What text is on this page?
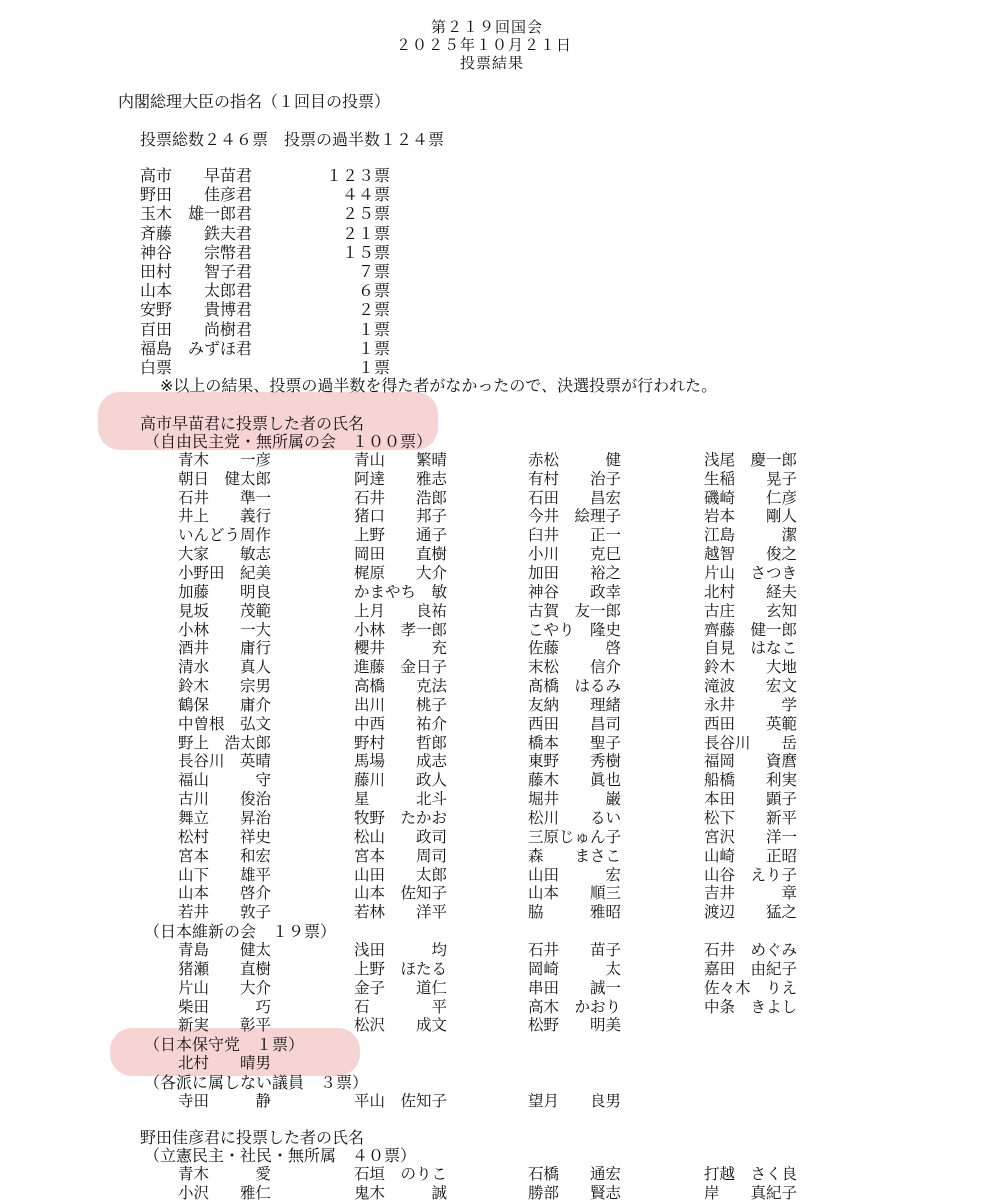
第２１９回国会
２０２５年１０月２１日
投票結果
内閣総理大臣の指名（１回目の投票）
投票総数２４６票　投票の過半数１２４票
高市　　早苗君	１２３票
野田　　佳彦君	４４票
玉木　雄一郎君	２５票
斉藤　　鉄夫君	２１票
神谷　　宗幣君	１５票
田村　　智子君	７票
山本　　太郎君	６票
安野　　貴博君	２票
百田　　尚樹君	１票
福島　みずほ君	１票
白票	１票
※以上の結果、投票の過半数を得た者がなかったので、決選投票が行われた。
高市早苗君に投票した者の氏名
（自由民主党・無所属の会　１００票）
青木　　一彦	青山　　繁晴	赤松　　　健	浅尾　慶一郎
朝日　健太郎	阿達　　雅志	有村　　治子	生稲　　晃子
石井　　準一	石井　　浩郎	石田　　昌宏	磯崎　　仁彦
井上　　義行	猪口　　邦子	今井　絵理子	岩本　　剛人
いんどう周作	上野　　通子	臼井　　正一	江島　　　潔
大家　　敏志	岡田　　直樹	小川　　克巳	越智　　俊之
小野田　紀美	梶原　　大介	加田　　裕之	片山　さつき
加藤　　明良	かまやち　敏	神谷　　政幸	北村　　経夫
見坂　　茂範	上月　　良祐	古賀　友一郎	古庄　　玄知
小林　　一大	小林　孝一郎	こやり　隆史	齊藤　健一郎
酒井　　庸行	櫻井　　　充	佐藤　　　啓	自見　はなこ
清水　　真人	進藤　金日子	末松　　信介	鈴木　　大地
鈴木　　宗男	高橋　　克法	髙橋　はるみ	滝波　　宏文
鶴保　　庸介	出川　　桃子	友納　　理緒	永井　　　学
中曽根　弘文	中西　　祐介	西田　　昌司	西田　　英範
野上　浩太郎	野村　　哲郎	橋本　　聖子	長谷川　　岳
長谷川　英晴	馬場　　成志	東野　　秀樹	福岡　　資麿
福山　　　守	藤川　　政人	藤木　　眞也	船橋　　利実
古川　　俊治	星　　　北斗	堀井　　　巌	本田　　顕子
舞立　　昇治	牧野　たかお	松川　　るい	松下　　新平
松村　　祥史	松山　　政司	三原じゅん子	宮沢　　洋一
宮本　　和宏	宮本　　周司	森　　まさこ	山崎　　正昭
山下　　雄平	山田　　太郎	山田　　　宏	山谷　えり子
山本　　啓介	山本　佐知子	山本　　順三	吉井　　　章
若井　　敦子	若林　　洋平	脇　　　雅昭	渡辺　　猛之
（日本維新の会　１９票）
青島　　健太	浅田　　　均	石井　　苗子	石井　めぐみ
猪瀬　　直樹	上野　ほたる	岡崎　　　太	嘉田　由紀子
片山　　大介	金子　　道仁	串田　　誠一	佐々木　りえ
柴田　　　巧	石　　　　平	高木　かおり	中条　きよし
新実　　彰平	松沢　　成文	松野　　明美
（日本保守党　１票）
北村　　晴男
（各派に属しない議員　３票）
寺田　　　静	平山　佐知子	望月　　良男
野田佳彦君に投票した者の氏名
（立憲民主・社民・無所属　４０票）
青木　　　愛	石垣　のりこ	石橋　　通宏	打越　さく良
小沢　　雅仁	鬼木　　　誠	勝部　　賢志	岸　　真紀子
